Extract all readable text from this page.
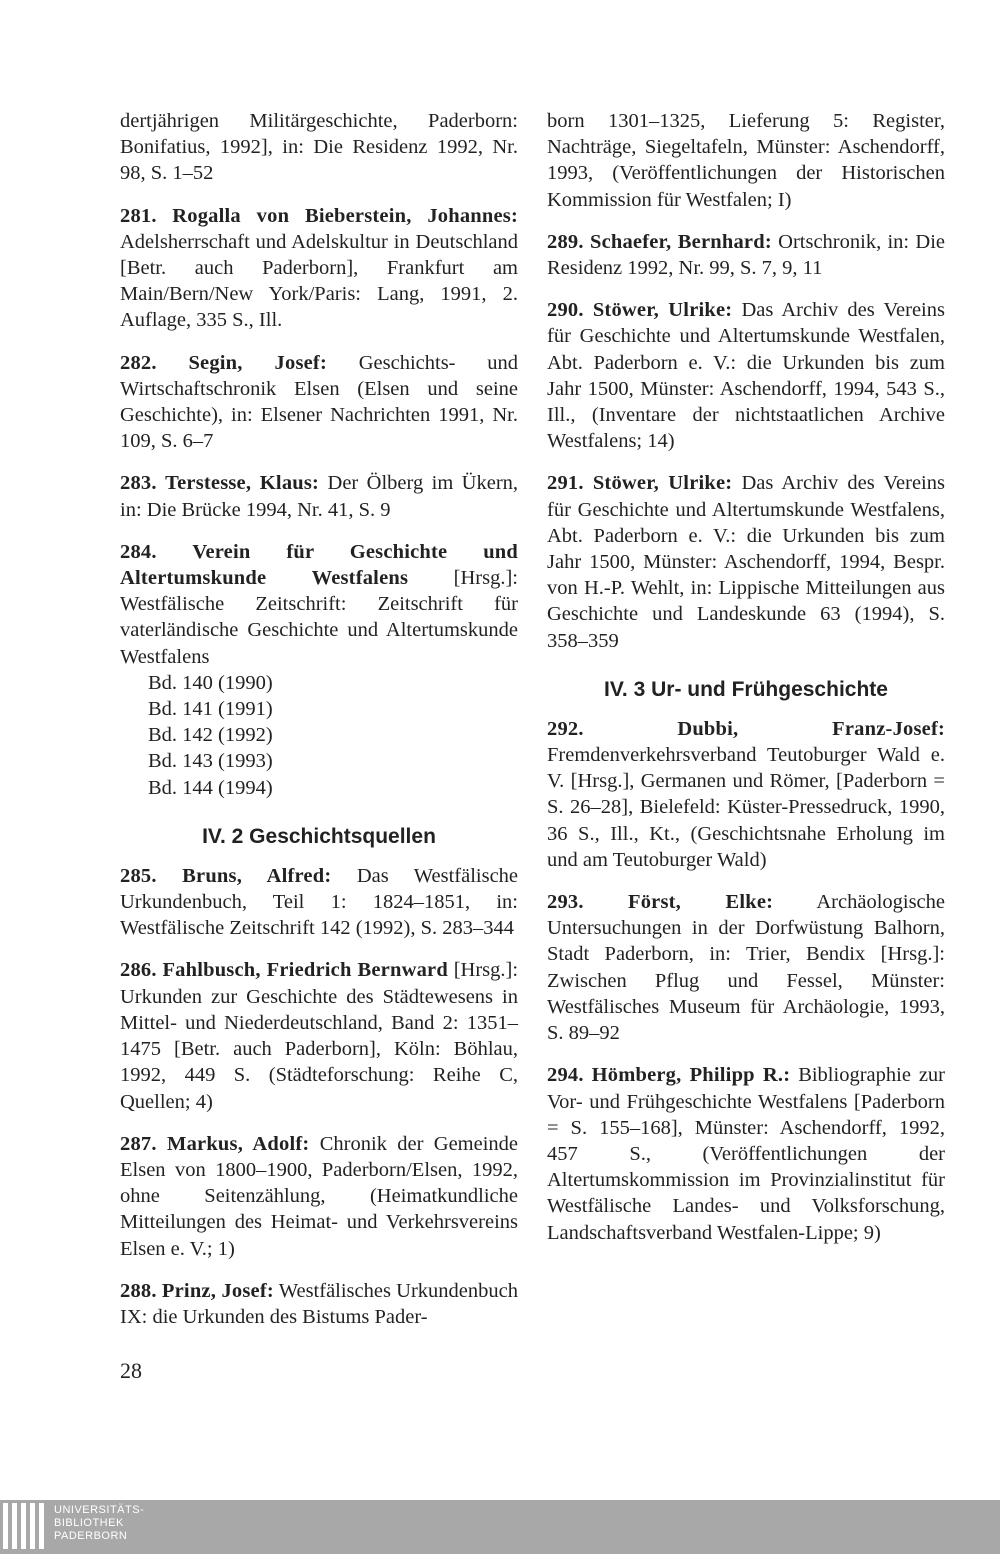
dertjährigen Militärgeschichte, Paderborn: Bonifatius, 1992], in: Die Residenz 1992, Nr. 98, S. 1–52

281. Rogalla von Bieberstein, Johannes: Adelsherrschaft und Adelskultur in Deutschland [Betr. auch Paderborn], Frankfurt am Main/Bern/New York/Paris: Lang, 1991, 2. Auflage, 335 S., Ill.

282. Segin, Josef: Geschichts- und Wirtschaftschronik Elsen (Elsen und seine Geschichte), in: Elsener Nachrichten 1991, Nr. 109, S. 6–7

283. Terstesse, Klaus: Der Ölberg im Ükern, in: Die Brücke 1994, Nr. 41, S. 9

284. Verein für Geschichte und Altertumskunde Westfalens [Hrsg.]: Westfälische Zeitschrift: Zeitschrift für vaterländische Geschichte und Altertumskunde Westfalens

Bd. 140 (1990)
Bd. 141 (1991)
Bd. 142 (1992)
Bd. 143 (1993)
Bd. 144 (1994)
IV. 2 Geschichtsquellen

285. Bruns, Alfred: Das Westfälische Urkundenbuch, Teil 1: 1824–1851, in: Westfälische Zeitschrift 142 (1992), S. 283–344

286. Fahlbusch, Friedrich Bernward [Hrsg.]: Urkunden zur Geschichte des Städtewesens in Mittel- und Niederdeutschland, Band 2: 1351–1475 [Betr. auch Paderborn], Köln: Böhlau, 1992, 449 S. (Städteforschung: Reihe C, Quellen; 4)

287. Markus, Adolf: Chronik der Gemeinde Elsen von 1800–1900, Paderborn/Elsen, 1992, ohne Seitenzählung, (Heimatkundliche Mitteilungen des Heimat- und Verkehrsvereins Elsen e. V.; 1)

288. Prinz, Josef: Westfälisches Urkundenbuch IX: die Urkunden des Bistums Pader-

born 1301–1325, Lieferung 5: Register, Nachträge, Siegeltafeln, Münster: Aschendorff, 1993, (Veröffentlichungen der Historischen Kommission für Westfalen; I)

289. Schaefer, Bernhard: Ortschronik, in: Die Residenz 1992, Nr. 99, S. 7, 9, 11

290. Stöwer, Ulrike: Das Archiv des Vereins für Geschichte und Altertumskunde Westfalen, Abt. Paderborn e. V.: die Urkunden bis zum Jahr 1500, Münster: Aschendorff, 1994, 543 S., Ill., (Inventare der nichtstaatlichen Archive Westfalens; 14)

291. Stöwer, Ulrike: Das Archiv des Vereins für Geschichte und Altertumskunde Westfalens, Abt. Paderborn e. V.: die Urkunden bis zum Jahr 1500, Münster: Aschendorff, 1994, Bespr. von H.-P. Wehlt, in: Lippische Mitteilungen aus Geschichte und Landeskunde 63 (1994), S. 358–359

IV. 3 Ur- und Frühgeschichte

292.	Dubbi, Franz-Josef: Fremdenverkehrsverband Teutoburger Wald e. V. [Hrsg.], Germanen und Römer, [Paderborn = S. 26–28], Bielefeld: Küster-Pressedruck, 1990, 36 S., Ill., Kt., (Geschichtsnahe Erholung im und am Teutoburger Wald)

293. Först, Elke: Archäologische Untersuchungen in der Dorfwüstung Balhorn, Stadt Paderborn, in: Trier, Bendix [Hrsg.]: Zwischen Pflug und Fessel, Münster: Westfälisches Museum für Archäologie, 1993, S. 89–92

294. Hömberg, Philipp R.: Bibliographie zur Vor- und Frühgeschichte Westfalens [Paderborn = S. 155–168], Münster: Aschendorff, 1992, 457 S., (Veröffentlichungen der Altertumskommission im Provinzialinstitut für Westfälische Landes- und Volksforschung, Landschaftsverband Westfalen-Lippe; 9)

28
UNIVERSITÄTS-
BIBLIOTHEK
PADERBORN
